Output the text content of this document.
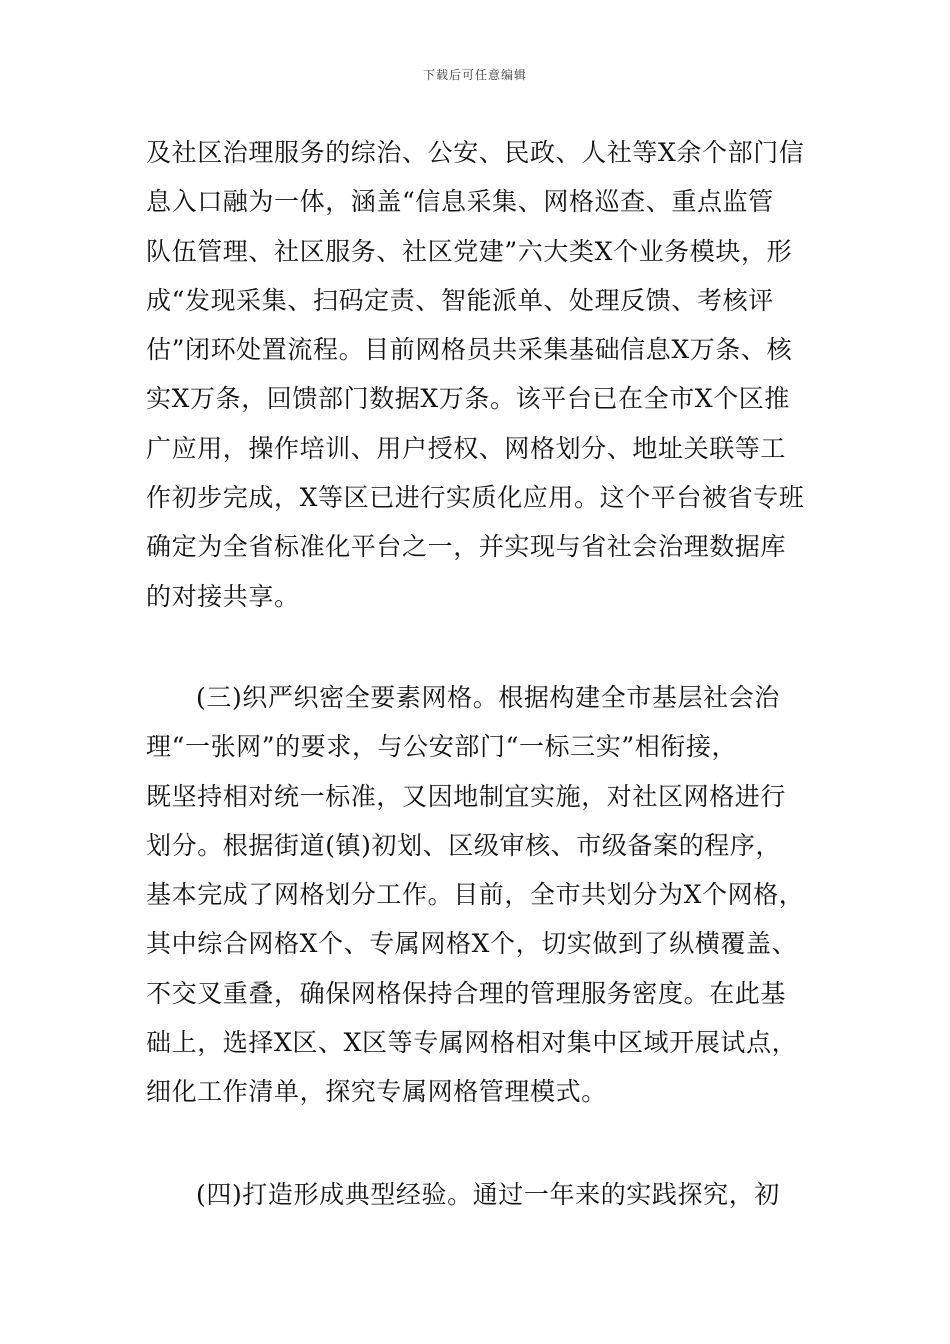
下载后可任意编辑
及社区治理服务的综治、公安、民政、人社等X余个部门信
息入口融为一体，涵盖“信息采集、网格巡查、重点监管
队伍管理、社区服务、社区党建”六大类X个业务模块，形
成“发现采集、扫码定责、智能派单、处理反馈、考核评
估”闭环处置流程。目前网格员共采集基础信息X万条、核
实X万条，回馈部门数据X万条。该平台已在全市X个区推
广应用，操作培训、用户授权、网格划分、地址关联等工
作初步完成，X等区已进行实质化应用。这个平台被省专班
确定为全省标准化平台之一，并实现与省社会治理数据库
的对接共享。
(三)织严织密全要素网格。根据构建全市基层社会治
理“一张网”的要求，与公安部门“一标三实”相衔接，
既坚持相对统一标准，又因地制宜实施，对社区网格进行
划分。根据街道(镇)初划、区级审核、市级备案的程序，
基本完成了网格划分工作。目前，全市共划分为X个网格，
其中综合网格X个、专属网格X个，切实做到了纵横覆盖、
不交叉重叠，确保网格保持合理的管理服务密度。在此基
础上，选择X区、X区等专属网格相对集中区域开展试点，
细化工作清单，探究专属网格管理模式。
(四)打造形成典型经验。通过一年来的实践探究，初
